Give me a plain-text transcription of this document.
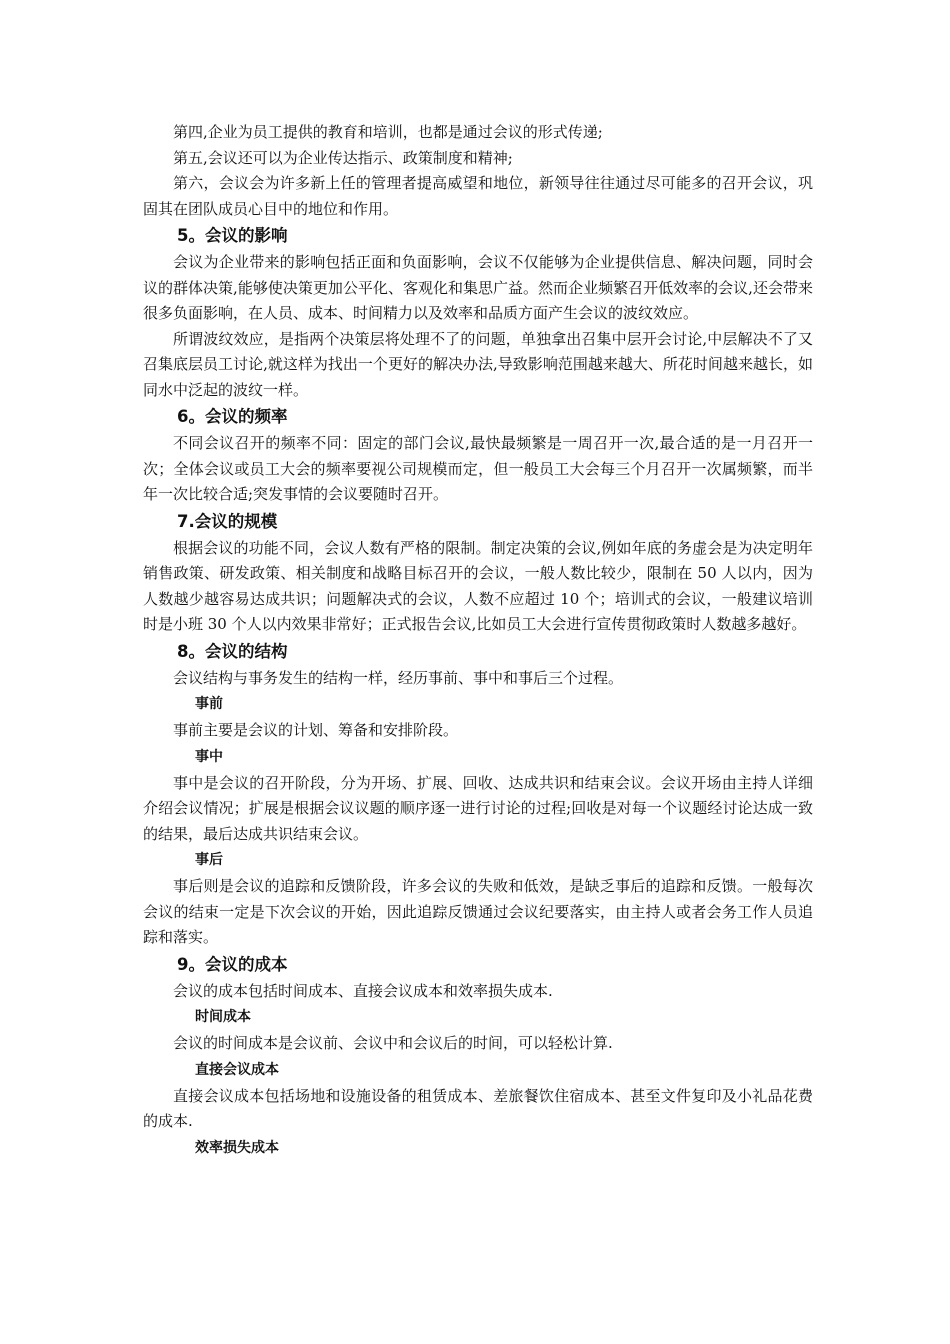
第四,企业为员工提供的教育和培训，也都是通过会议的形式传递;

第五,会议还可以为企业传达指示、政策制度和精神;

第六，会议会为许多新上任的管理者提高威望和地位，新领导往往通过尽可能多的召开会议，巩固其在团队成员心目中的地位和作用。

5。会议的影响

会议为企业带来的影响包括正面和负面影响，会议不仅能够为企业提供信息、解决问题，同时会议的群体决策,能够使决策更加公平化、客观化和集思广益。然而企业频繁召开低效率的会议,还会带来很多负面影响，在人员、成本、时间精力以及效率和品质方面产生会议的波纹效应。

所谓波纹效应，是指两个决策层将处理不了的问题，单独拿出召集中层开会讨论,中层解决不了又召集底层员工讨论,就这样为找出一个更好的解决办法,导致影响范围越来越大、所花时间越来越长，如同水中泛起的波纹一样。

6。会议的频率

不同会议召开的频率不同：固定的部门会议,最快最频繁是一周召开一次,最合适的是一月召开一次；全体会议或员工大会的频率要视公司规模而定，但一般员工大会每三个月召开一次属频繁，而半年一次比较合适;突发事情的会议要随时召开。

7.会议的规模

根据会议的功能不同，会议人数有严格的限制。制定决策的会议,例如年底的务虚会是为决定明年销售政策、研发政策、相关制度和战略目标召开的会议，一般人数比较少，限制在 50 人以内，因为人数越少越容易达成共识；问题解决式的会议，人数不应超过 10 个；培训式的会议，一般建议培训时是小班 30 个人以内效果非常好；正式报告会议,比如员工大会进行宣传贯彻政策时人数越多越好。

8。会议的结构

会议结构与事务发生的结构一样，经历事前、事中和事后三个过程。

事前

事前主要是会议的计划、筹备和安排阶段。

事中

事中是会议的召开阶段，分为开场、扩展、回收、达成共识和结束会议。会议开场由主持人详细介绍会议情况；扩展是根据会议议题的顺序逐一进行讨论的过程;回收是对每一个议题经讨论达成一致的结果，最后达成共识结束会议。

事后

事后则是会议的追踪和反馈阶段，许多会议的失败和低效，是缺乏事后的追踪和反馈。一般每次会议的结束一定是下次会议的开始，因此追踪反馈通过会议纪要落实，由主持人或者会务工作人员追踪和落实。

9。会议的成本

会议的成本包括时间成本、直接会议成本和效率损失成本.

时间成本

会议的时间成本是会议前、会议中和会议后的时间，可以轻松计算.

直接会议成本

直接会议成本包括场地和设施设备的租赁成本、差旅餐饮住宿成本、甚至文件复印及小礼品花费的成本.

效率损失成本
